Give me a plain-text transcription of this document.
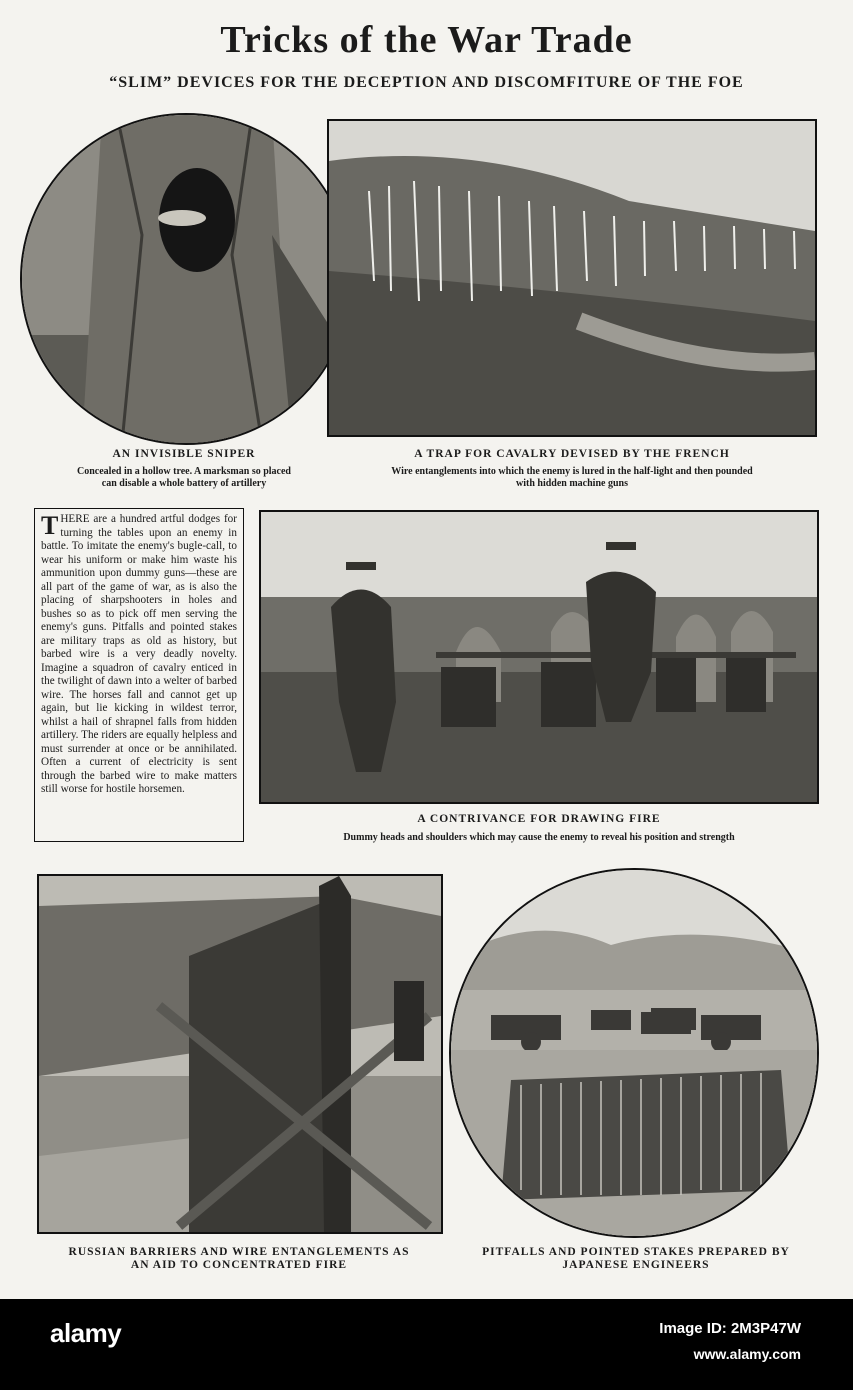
Tricks of the War Trade
“SLIM” DEVICES FOR THE DECEPTION AND DISCOMFITURE OF THE FOE
AN INVISIBLE SNIPER
Concealed in a hollow tree. A marksman so placed
can disable a whole battery of artillery
A TRAP FOR CAVALRY DEVISED BY THE FRENCH
Wire entanglements into which the enemy is lured in the half-light and then pounded
with hidden machine guns
THERE are a hundred artful dodges for turning the tables upon an enemy in battle. To imitate the enemy's bugle-call, to wear his uniform or make him waste his ammunition upon dummy guns—these are all part of the game of war, as is also the placing of sharpshooters in holes and bushes so as to pick off men serving the enemy's guns. Pitfalls and pointed stakes are military traps as old as history, but barbed wire is a very deadly novelty. Imagine a squadron of cavalry enticed in the twilight of dawn into a welter of barbed wire. The horses fall and cannot get up again, but lie kicking in wildest terror, whilst a hail of shrapnel falls from hidden artillery. The riders are equally helpless and must surrender at once or be annihilated. Often a current of electricity is sent through the barbed wire to make matters still worse for hostile horsemen.
A CONTRIVANCE FOR DRAWING FIRE
Dummy heads and shoulders which may cause the enemy to reveal his position and strength
RUSSIAN BARRIERS AND WIRE ENTANGLEMENTS AS
AN AID TO CONCENTRATED FIRE
PITFALLS AND POINTED STAKES PREPARED BY
JAPANESE ENGINEERS
alamy	Image ID: 2M3P47W
www.alamy.com
